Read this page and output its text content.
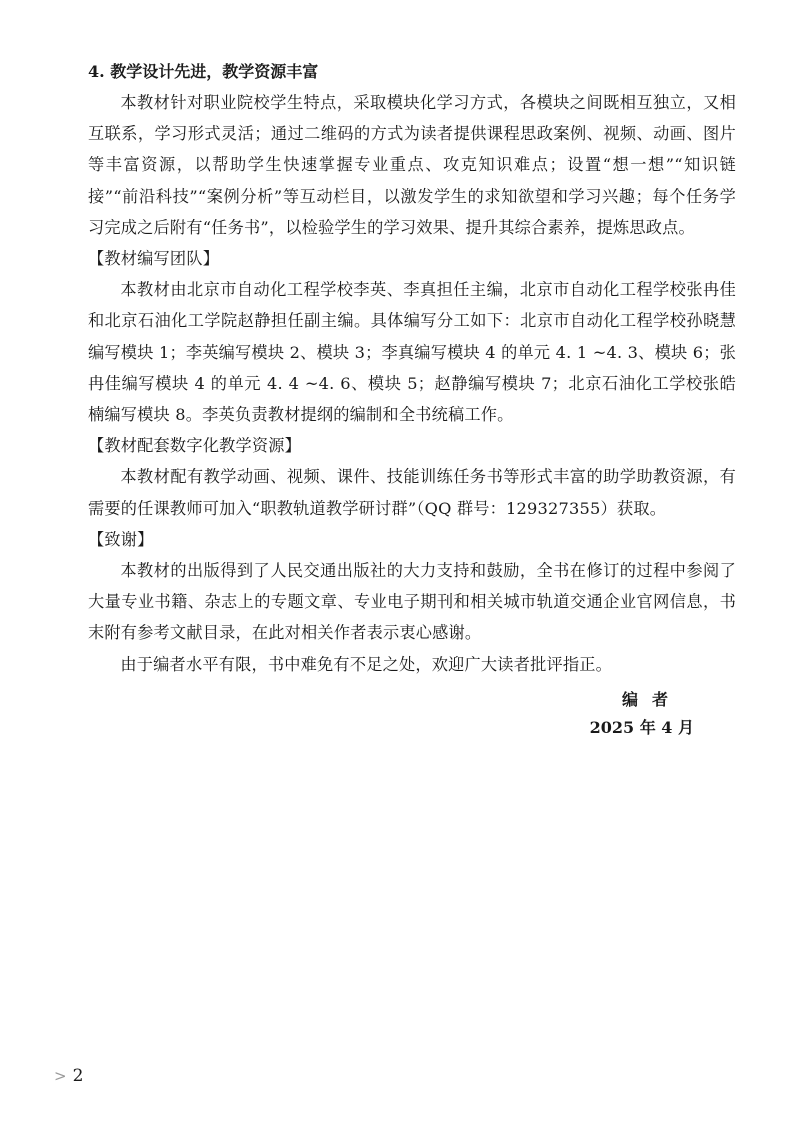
4. 教学设计先进，教学资源丰富

本教材针对职业院校学生特点，采取模块化学习方式，各模块之间既相互独立，又相互联系，学习形式灵活；通过二维码的方式为读者提供课程思政案例、视频、动画、图片等丰富资源，以帮助学生快速掌握专业重点、攻克知识难点；设置“想一想”“知识链接”“前沿科技”“案例分析”等互动栏目，以激发学生的求知欲望和学习兴趣；每个任务学习完成之后附有“任务书”，以检验学生的学习效果、提升其综合素养，提炼思政点。

【教材编写团队】

本教材由北京市自动化工程学校李英、李真担任主编，北京市自动化工程学校张冉佳和北京石油化工学院赵静担任副主编。具体编写分工如下：北京市自动化工程学校孙晓慧编写模块 1；李英编写模块 2、模块 3；李真编写模块 4 的单元 4. 1 ~4. 3、模块 6；张冉佳编写模块 4 的单元 4. 4 ~4. 6、模块 5；赵静编写模块 7；北京石油化工学校张皓楠编写模块 8。李英负责教材提纲的编制和全书统稿工作。

【教材配套数字化教学资源】

本教材配有教学动画、视频、课件、技能训练任务书等形式丰富的助学助教资源，有需要的任课教师可加入“职教轨道教学研讨群”（QQ 群号：129327355）获取。

【致谢】

本教材的出版得到了人民交通出版社的大力支持和鼓励，全书在修订的过程中参阅了大量专业书籍、杂志上的专题文章、专业电子期刊和相关城市轨道交通企业官网信息，书末附有参考文献目录，在此对相关作者表示衷心感谢。

由于编者水平有限，书中难免有不足之处，欢迎广大读者批评指正。

编者
2025 年 4 月
> 2
